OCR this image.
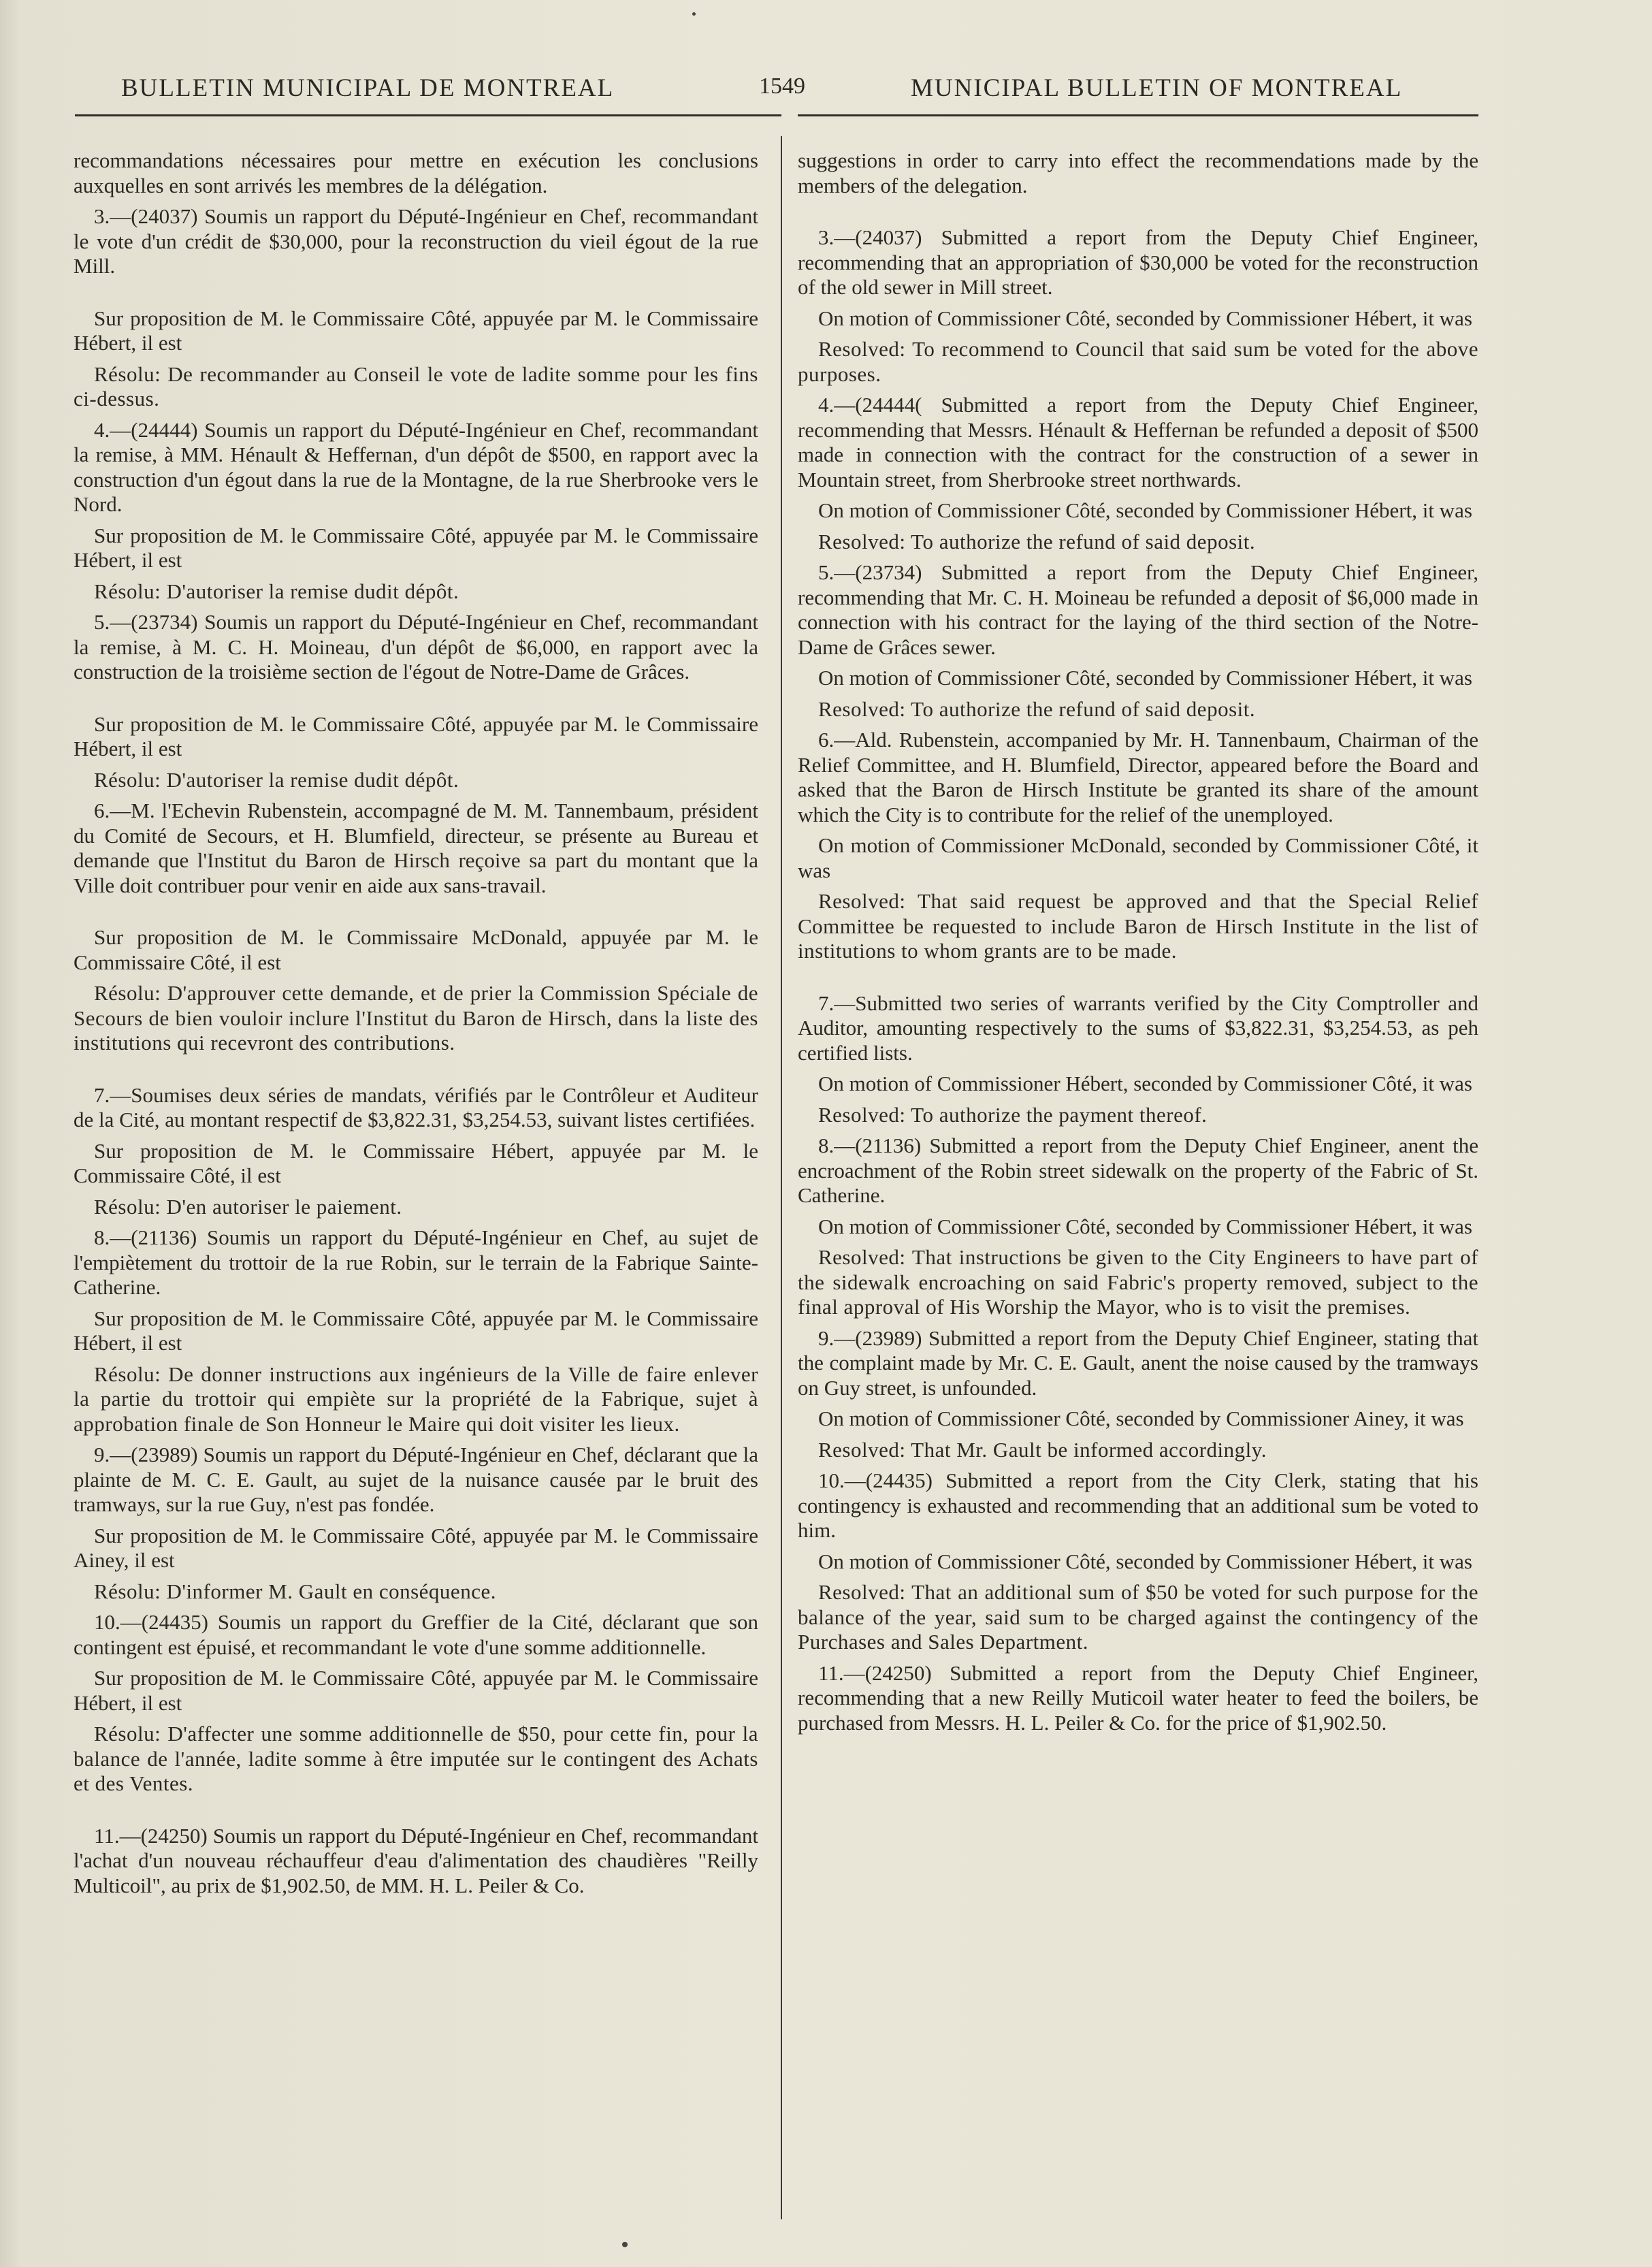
BULLETIN MUNICIPAL DE MONTREAL	1549	MUNICIPAL BULLETIN OF MONTREAL

recommandations nécessaires pour mettre en exécution les conclusions auxquelles en sont arrivés les membres de la délégation.

3.—(24037) Soumis un rapport du Député-Ingénieur en Chef, recommandant le vote d'un crédit de $30,000, pour la reconstruction du vieil égout de la rue Mill.

Sur proposition de M. le Commissaire Côté, appuyée par M. le Commissaire Hébert, il est

Résolu: De recommander au Conseil le vote de ladite somme pour les fins ci-dessus.

4.—(24444) Soumis un rapport du Député-Ingénieur en Chef, recommandant la remise, à MM. Hénault & Heffernan, d'un dépôt de $500, en rapport avec la construction d'un égout dans la rue de la Montagne, de la rue Sherbrooke vers le Nord.

Sur proposition de M. le Commissaire Côté, appuyée par M. le Commissaire Hébert, il est

Résolu: D'autoriser la remise dudit dépôt.

5.—(23734) Soumis un rapport du Député-Ingénieur en Chef, recommandant la remise, à M. C. H. Moineau, d'un dépôt de $6,000, en rapport avec la construction de la troisième section de l'égout de Notre-Dame de Grâces.

Sur proposition de M. le Commissaire Côté, appuyée par M. le Commissaire Hébert, il est

Résolu: D'autoriser la remise dudit dépôt.

6.—M. l'Echevin Rubenstein, accompagné de M. M. Tannembaum, président du Comité de Secours, et H. Blumfield, directeur, se présente au Bureau et demande que l'Institut du Baron de Hirsch reçoive sa part du montant que la Ville doit contribuer pour venir en aide aux sans-travail.

Sur proposition de M. le Commissaire McDonald, appuyée par M. le Commissaire Côté, il est

Résolu: D'approuver cette demande, et de prier la Commission Spéciale de Secours de bien vouloir inclure l'Institut du Baron de Hirsch, dans la liste des institutions qui recevront des contributions.

7.—Soumises deux séries de mandats, vérifiés par le Contrôleur et Auditeur de la Cité, au montant respectif de $3,822.31, $3,254.53, suivant listes certifiées.

Sur proposition de M. le Commissaire Hébert, appuyée par M. le Commissaire Côté, il est

Résolu: D'en autoriser le paiement.

8.—(21136) Soumis un rapport du Député-Ingénieur en Chef, au sujet de l'empiètement du trottoir de la rue Robin, sur le terrain de la Fabrique Sainte-Catherine.

Sur proposition de M. le Commissaire Côté, appuyée par M. le Commissaire Hébert, il est

Résolu: De donner instructions aux ingénieurs de la Ville de faire enlever la partie du trottoir qui empiète sur la propriété de la Fabrique, sujet à approbation finale de Son Honneur le Maire qui doit visiter les lieux.

9.—(23989) Soumis un rapport du Député-Ingénieur en Chef, déclarant que la plainte de M. C. E. Gault, au sujet de la nuisance causée par le bruit des tramways, sur la rue Guy, n'est pas fondée.

Sur proposition de M. le Commissaire Côté, appuyée par M. le Commissaire Ainey, il est

Résolu: D'informer M. Gault en conséquence.

10.—(24435) Soumis un rapport du Greffier de la Cité, déclarant que son contingent est épuisé, et recommandant le vote d'une somme additionnelle.

Sur proposition de M. le Commissaire Côté, appuyée par M. le Commissaire Hébert, il est

Résolu: D'affecter une somme additionnelle de $50, pour cette fin, pour la balance de l'année, ladite somme à être imputée sur le contingent des Achats et des Ventes.

11.—(24250) Soumis un rapport du Député-Ingénieur en Chef, recommandant l'achat d'un nouveau réchauffeur d'eau d'alimentation des chaudières "Reilly Multicoil", au prix de $1,902.50, de MM. H. L. Peiler & Co.

suggestions in order to carry into effect the recommendations made by the members of the delegation.

3.—(24037) Submitted a report from the Deputy Chief Engineer, recommending that an appropriation of $30,000 be voted for the reconstruction of the old sewer in Mill street.

On motion of Commissioner Côté, seconded by Commissioner Hébert, it was

Resolved: To recommend to Council that said sum be voted for the above purposes.

4.—(24444( Submitted a report from the Deputy Chief Engineer, recommending that Messrs. Hénault & Heffernan be refunded a deposit of $500 made in connection with the contract for the construction of a sewer in Mountain street, from Sherbrooke street northwards.

On motion of Commissioner Côté, seconded by Commissioner Hébert, it was

Resolved: To authorize the refund of said deposit.

5.—(23734) Submitted a report from the Deputy Chief Engineer, recommending that Mr. C. H. Moineau be refunded a deposit of $6,000 made in connection with his contract for the laying of the third section of the Notre-Dame de Grâces sewer.

On motion of Commissioner Côté, seconded by Commissioner Hébert, it was

Resolved: To authorize the refund of said deposit.

6.—Ald. Rubenstein, accompanied by Mr. H. Tannenbaum, Chairman of the Relief Committee, and H. Blumfield, Director, appeared before the Board and asked that the Baron de Hirsch Institute be granted its share of the amount which the City is to contribute for the relief of the unemployed.

On motion of Commissioner McDonald, seconded by Commissioner Côté, it was

Resolved: That said request be approved and that the Special Relief Committee be requested to include Baron de Hirsch Institute in the list of institutions to whom grants are to be made.

7.—Submitted two series of warrants verified by the City Comptroller and Auditor, amounting respectively to the sums of $3,822.31, $3,254.53, as peh certified lists.

On motion of Commissioner Hébert, seconded by Commissioner Côté, it was

Resolved: To authorize the payment thereof.

8.—(21136) Submitted a report from the Deputy Chief Engineer, anent the encroachment of the Robin street sidewalk on the property of the Fabric of St. Catherine.

On motion of Commissioner Côté, seconded by Commissioner Hébert, it was

Resolved: That instructions be given to the City Engineers to have part of the sidewalk encroaching on said Fabric's property removed, subject to the final approval of His Worship the Mayor, who is to visit the premises.

9.—(23989) Submitted a report from the Deputy Chief Engineer, stating that the complaint made by Mr. C. E. Gault, anent the noise caused by the tramways on Guy street, is unfounded.

On motion of Commissioner Côté, seconded by Commissioner Ainey, it was

Resolved: That Mr. Gault be informed accordingly.

10.—(24435) Submitted a report from the City Clerk, stating that his contingency is exhausted and recommending that an additional sum be voted to him.

On motion of Commissioner Côté, seconded by Commissioner Hébert, it was

Resolved: That an additional sum of $50 be voted for such purpose for the balance of the year, said sum to be charged against the contingency of the Purchases and Sales Department.

11.—(24250) Submitted a report from the Deputy Chief Engineer, recommending that a new Reilly Muticoil water heater to feed the boilers, be purchased from Messrs. H. L. Peiler & Co. for the price of $1,902.50.
